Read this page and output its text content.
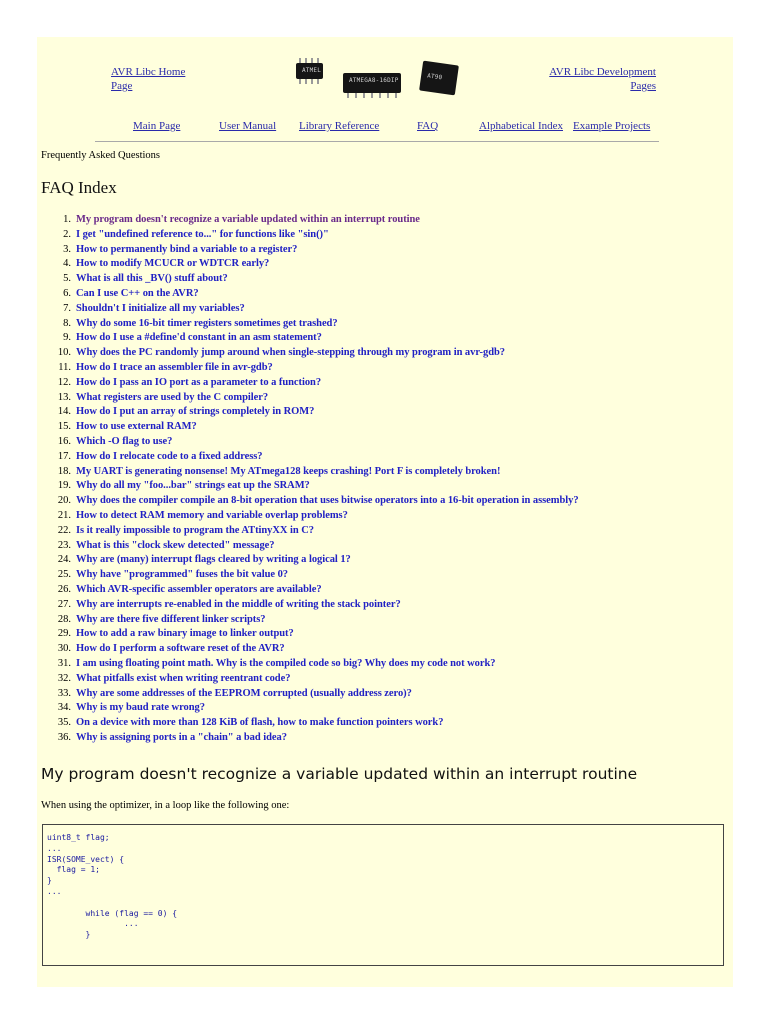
AVR Libc Home Page
ATMEL
ATMEGA8-16DIP	AT90	AVR Libc Development Pages
Main Page	User Manual Library Reference	FAQ	Alphabetical Index Example Projects
Frequently Asked Questions
FAQ Index
1. My program doesn't recognize a variable updated within an interrupt routine
2. I get "undefined reference to..." for functions like "sin()"
3. How to permanently bind a variable to a register?
4. How to modify MCUCR or WDTCR early?
5. What is all this _BV() stuff about?
6. Can I use C++ on the AVR?
7. Shouldn't I initialize all my variables?
8. Why do some 16-bit timer registers sometimes get trashed?
9. How do I use a #define'd constant in an asm statement?
10. Why does the PC randomly jump around when single-stepping through my program in avr-gdb?
11. How do I trace an assembler file in avr-gdb?
12. How do I pass an IO port as a parameter to a function?
13. What registers are used by the C compiler?
14. How do I put an array of strings completely in ROM?
15. How to use external RAM?
16. Which -O flag to use?
17. How do I relocate code to a fixed address?
18. My UART is generating nonsense! My ATmega128 keeps crashing! Port F is completely broken!
19. Why do all my "foo...bar" strings eat up the SRAM?
20. Why does the compiler compile an 8-bit operation that uses bitwise operators into a 16-bit operation in assembly?
21. How to detect RAM memory and variable overlap problems?
22. Is it really impossible to program the ATtinyXX in C?
23. What is this "clock skew detected" message?
24. Why are (many) interrupt flags cleared by writing a logical 1?
25. Why have "programmed" fuses the bit value 0?
26. Which AVR-specific assembler operators are available?
27. Why are interrupts re-enabled in the middle of writing the stack pointer?
28. Why are there five different linker scripts?
29. How to add a raw binary image to linker output?
30. How do I perform a software reset of the AVR?
31. I am using floating point math. Why is the compiled code so big? Why does my code not work?
32. What pitfalls exist when writing reentrant code?
33. Why are some addresses of the EEPROM corrupted (usually address zero)?
34. Why is my baud rate wrong?
35. On a device with more than 128 KiB of flash, how to make function pointers work?
36. Why is assigning ports in a "chain" a bad idea?
My program doesn't recognize a variable updated within an interrupt routine

When using the optimizer, in a loop like the following one:

uint8_t flag;
...
ISR(SOME_vect) {
flag = 1;
}
...
while (flag == 0) {
...
}
